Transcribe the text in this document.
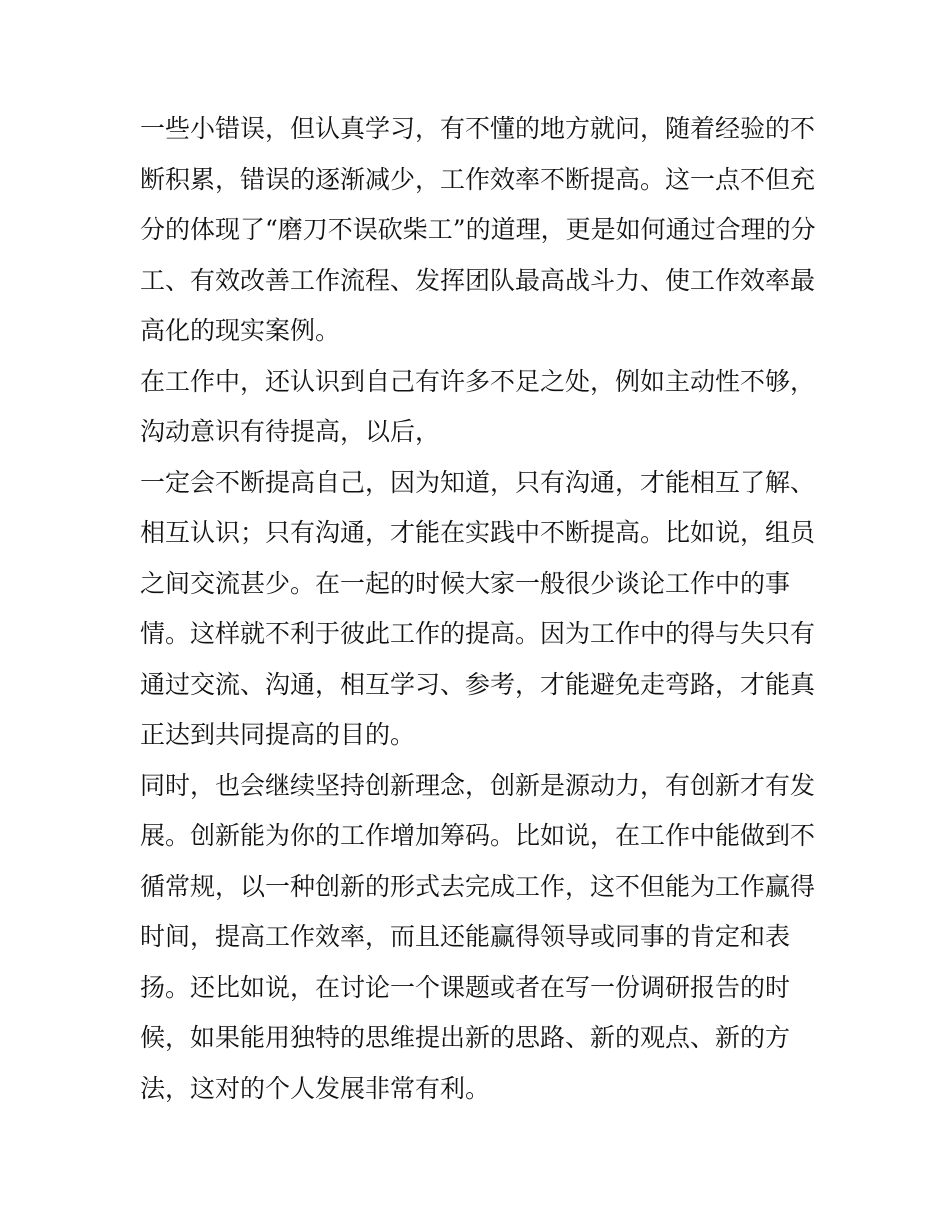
一些小错误，但认真学习，有不懂的地方就问，随着经验的不
断积累，错误的逐渐减少，工作效率不断提高。这一点不但充
分的体现了“磨刀不误砍柴工”的道理，更是如何通过合理的分
工、有效改善工作流程、发挥团队最高战斗力、使工作效率最
高化的现实案例。
在工作中，还认识到自己有许多不足之处，例如主动性不够，
沟动意识有待提高，以后，
一定会不断提高自己，因为知道，只有沟通，才能相互了解、
相互认识；只有沟通，才能在实践中不断提高。比如说，组员
之间交流甚少。在一起的时候大家一般很少谈论工作中的事
情。这样就不利于彼此工作的提高。因为工作中的得与失只有
通过交流、沟通，相互学习、参考，才能避免走弯路，才能真
正达到共同提高的目的。
同时，也会继续坚持创新理念，创新是源动力，有创新才有发
展。创新能为你的工作增加筹码。比如说，在工作中能做到不
循常规，以一种创新的形式去完成工作，这不但能为工作赢得
时间，提高工作效率，而且还能赢得领导或同事的肯定和表
扬。还比如说，在讨论一个课题或者在写一份调研报告的时
候，如果能用独特的思维提出新的思路、新的观点、新的方
法，这对的个人发展非常有利。
